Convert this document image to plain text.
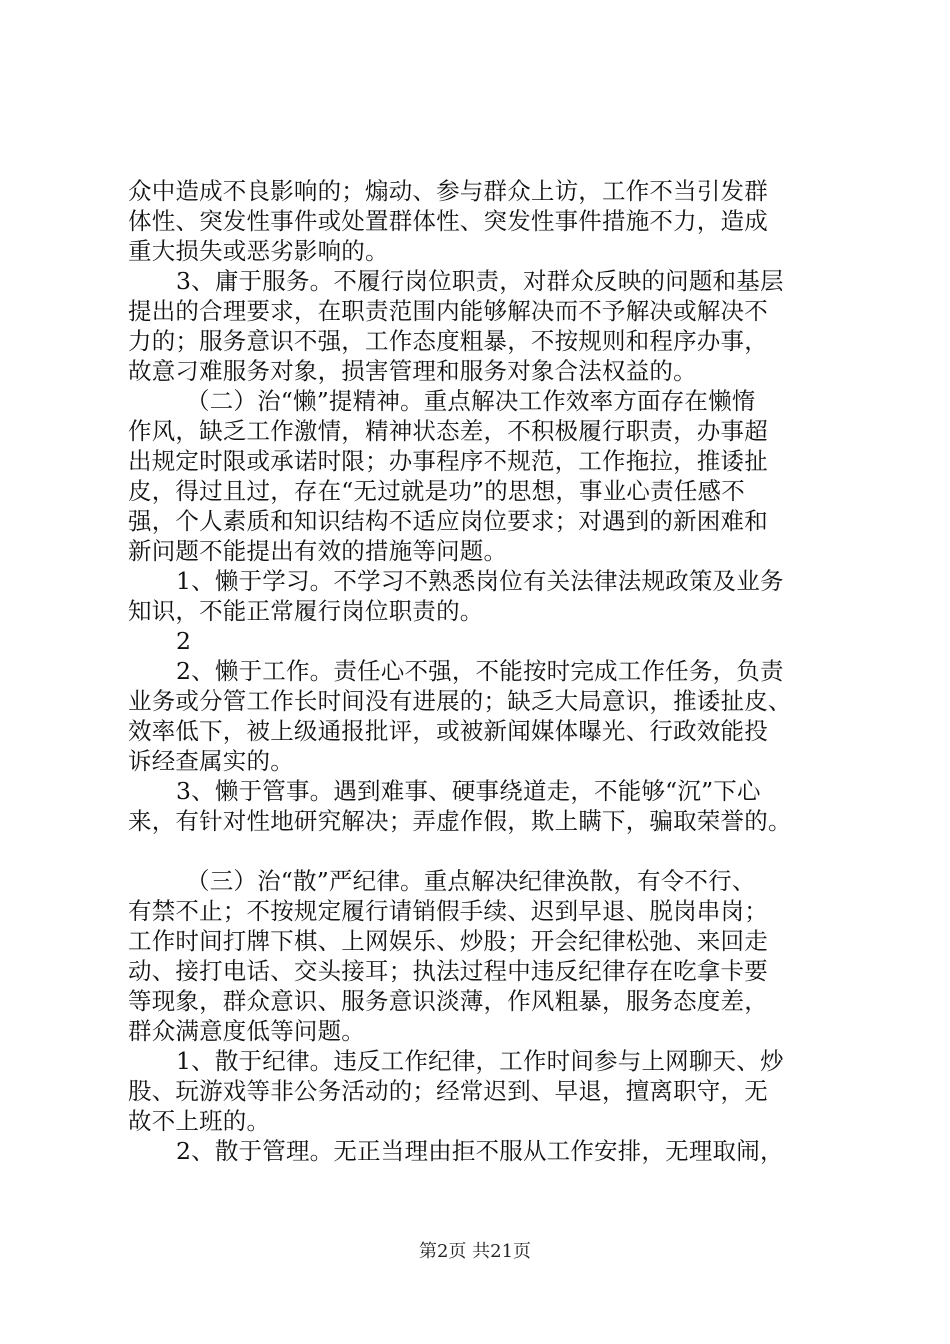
众中造成不良影响的；煽动、参与群众上访，工作不当引发群
体性、突发性事件或处置群体性、突发性事件措施不力，造成
重大损失或恶劣影响的。
3、庸于服务。不履行岗位职责，对群众反映的问题和基层
提出的合理要求，在职责范围内能够解决而不予解决或解决不
力的；服务意识不强，工作态度粗暴，不按规则和程序办事，
故意刁难服务对象，损害管理和服务对象合法权益的。
（二）治“懒”提精神。重点解决工作效率方面存在懒惰
作风，缺乏工作激情，精神状态差，不积极履行职责，办事超
出规定时限或承诺时限；办事程序不规范，工作拖拉，推诿扯
皮，得过且过，存在“无过就是功”的思想，事业心责任感不
强，个人素质和知识结构不适应岗位要求；对遇到的新困难和
新问题不能提出有效的措施等问题。
1、懒于学习。不学习不熟悉岗位有关法律法规政策及业务
知识，不能正常履行岗位职责的。
2
2、懒于工作。责任心不强，不能按时完成工作任务，负责
业务或分管工作长时间没有进展的；缺乏大局意识，推诿扯皮、
效率低下，被上级通报批评，或被新闻媒体曝光、行政效能投
诉经查属实的。
3、懒于管事。遇到难事、硬事绕道走，不能够“沉”下心
来，有针对性地研究解决；弄虚作假，欺上瞒下，骗取荣誉的。
（三）治“散”严纪律。重点解决纪律涣散，有令不行、
有禁不止；不按规定履行请销假手续、迟到早退、脱岗串岗；
工作时间打牌下棋、上网娱乐、炒股；开会纪律松弛、来回走
动、接打电话、交头接耳；执法过程中违反纪律存在吃拿卡要
等现象，群众意识、服务意识淡薄，作风粗暴，服务态度差，
群众满意度低等问题。
1、散于纪律。违反工作纪律，工作时间参与上网聊天、炒
股、玩游戏等非公务活动的；经常迟到、早退，擅离职守，无
故不上班的。
2、散于管理。无正当理由拒不服从工作安排，无理取闹，
第2页 共21页
